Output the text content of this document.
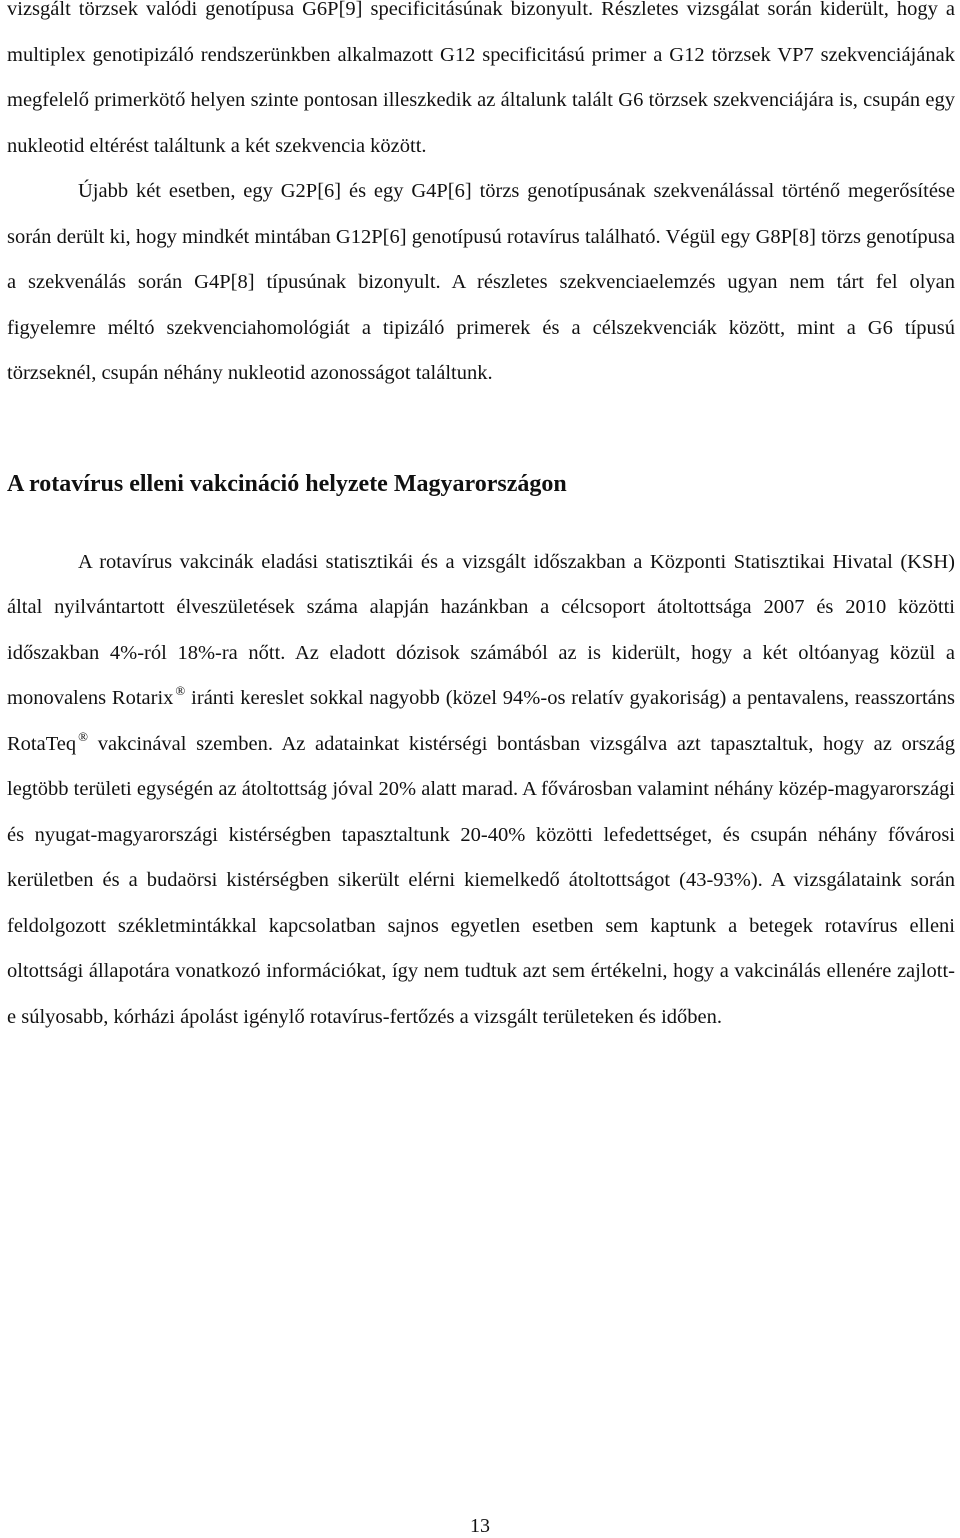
vizsgált törzsek valódi genotípusa G6P[9] specificitásúnak bizonyult. Részletes vizsgálat során kiderült, hogy a multiplex genotipizáló rendszerünkben alkalmazott G12 specificitású primer a G12 törzsek VP7 szekvenciájának megfelelő primerkötő helyen szinte pontosan illeszkedik az általunk talált G6 törzsek szekvenciájára is, csupán egy nukleotid eltérést találtunk a két szekvencia között.

Újabb két esetben, egy G2P[6] és egy G4P[6] törzs genotípusának szekvenálással történő megerősítése során derült ki, hogy mindkét mintában G12P[6] genotípusú rotavírus található. Végül egy G8P[8] törzs genotípusa a szekvenálás során G4P[8] típusúnak bizonyult. A részletes szekvenciaelemzés ugyan nem tárt fel olyan figyelemre méltó szekvenciahomológiát a tipizáló primerek és a célszekvenciák között, mint a G6 típusú törzseknél, csupán néhány nukleotid azonosságot találtunk.

A rotavírus elleni vakcináció helyzete Magyarországon

A rotavírus vakcinák eladási statisztikái és a vizsgált időszakban a Központi Statisztikai Hivatal (KSH) által nyilvántartott élveszületések száma alapján hazánkban a célcsoport átoltottsága 2007 és 2010 közötti időszakban 4%-ról 18%-ra nőtt. Az eladott dózisok számából az is kiderült, hogy a két oltóanyag közül a monovalens Rotarix ® iránti kereslet sokkal nagyobb (közel 94%-os relatív gyakoriság) a pentavalens, reasszortáns RotaTeq ® vakcinával szemben. Az adatainkat kistérségi bontásban vizsgálva azt tapasztaltuk, hogy az ország legtöbb területi egységén az átoltottság jóval 20% alatt marad. A fővárosban valamint néhány közép-magyarországi és nyugat-magyarországi kistérségben tapasztaltunk 20-40% közötti lefedettséget, és csupán néhány fővárosi kerületben és a budaörsi kistérségben sikerült elérni kiemelkedő átoltottságot (43-93%). A vizsgálataink során feldolgozott székletmintákkal kapcsolatban sajnos egyetlen esetben sem kaptunk a betegek rotavírus elleni oltottsági állapotára vonatkozó információkat, így nem tudtuk azt sem értékelni, hogy a vakcinálás ellenére zajlott-e súlyosabb, kórházi ápolást igénylő rotavírus-fertőzés a vizsgált területeken és időben.

13
